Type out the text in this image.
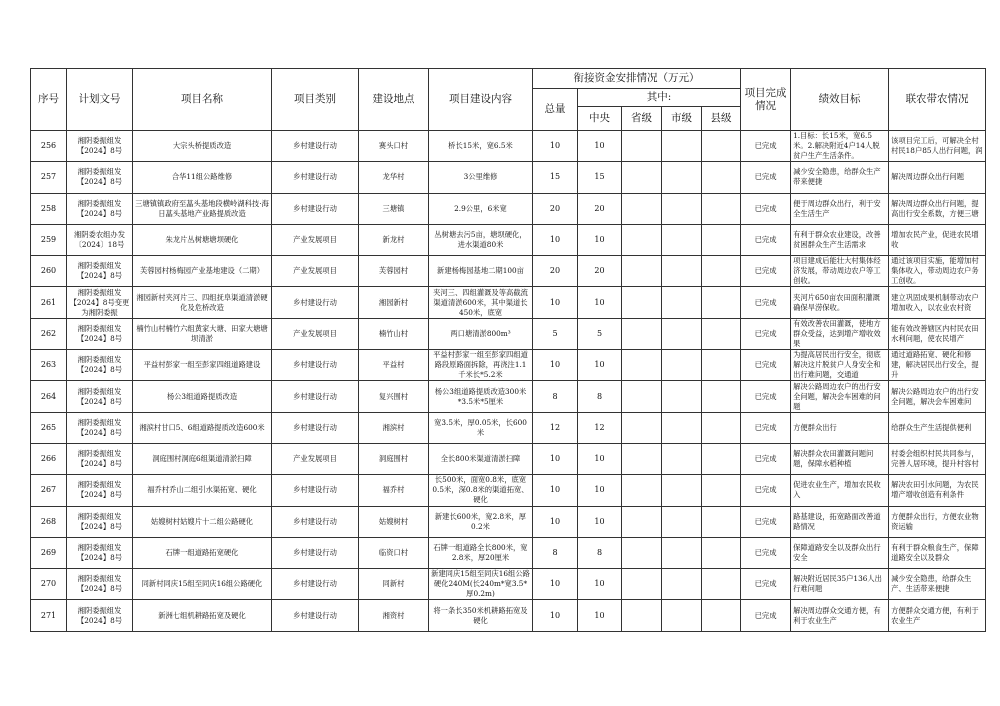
序号	计划文号	项目名称	项目类别	建设地点	项目建设内容	衔接资金安排情况（万元）					项目完成情况	绩效目标	联农带农情况
						总量	其中:						
							中央	省级	市级	县级			

256	湘阴委振组发【2024】8号	大宗头桥提质改造	乡村建设行动	赛头口村	桥长15米，宽6.5米	10	10				已完成	1.目标：长15米，宽6.5米。2.解决附近4户14人脱贫户生产生活条件。	该项目完工后，可解决全村村民18户85人出行问题，润

257	湘阴委振组发【2024】8号	合华11组公路维修	乡村建设行动	龙华村	3公里维修	15	15				已完成	减少安全隐患，给群众生产带来便捷	解决周边群众出行问题

258	湘阴委振组发【2024】8号	三塘镇镇政府至蕌头基地段横岭湖科技·海日蕌头基地产业路提质改造	乡村建设行动	三塘镇	2.9公里，6米宽	20	20				已完成	便于周边群众出行，利于安全生活生产	解决周边群众出行问题，提高出行安全系数，方便三塘

259	湘阴委农组办发〔2024〕18号	朱龙片丛树塘塘坝硬化	产业发展项目	新龙村	丛树塘去污5亩，塘坝硬化，进水渠道80米	10	10				已完成	有利于群众农业建设，改善贫困群众生产生活需求	增加农民产业，促进农民增收

260	湘阴委振组发【2024】8号	芙蓉园村杨梅园产业基地建设（二期）	产业发展项目	芙蓉园村	新建杨梅园基地二期100亩	20	20				已完成	项目建成后能壮大村集体经济发展，带动周边农户等工创收。	通过该项目实施，能增加村集体收入，带动周边农户务工创收。

261	湘阴委振组发【2024】8号变更为湘阴委振	湘园新村夹河片三、四组抚阜渠道清淤硬化及危桥改造	乡村建设行动	湘园新村	夹河三、四组灌溉及等高截流渠道清淤600米，其中渠道长450米，底宽	10	10				已完成	夹河片650亩农田面积灌溉确保旱涝保收。	建立巩固成果机制带动农户增加收入，以农业农村资

262	湘阴委振组发【2024】8号	楠竹山村楠竹六组黄家大塘、田家大塘塘坝清淤	产业发展项目	楠竹山村	两口塘清淤800m³	5	5				已完成	有效改善农田灌溉，使地方群众受益，达到增产增收效果	能有效改善辖区内村民农田水利问题，使农民增产

263	湘阴委振组发【2024】8号	平益村彭家一组至彭家四组道路建设	乡村建设行动	平益村	平益村彭家一组至彭家四组道路段原路面拆除，再浇注1.1千米长*5.2米	10	10				已完成	为提高居民出行安全，彻底解决这片脱贫户人身安全和出行难问题，交通道	通过道路拓宽、硬化和修建，解决居民出行安全，提升

264	湘阴委振组发【2024】8号	杨公3组道路提质改造	乡村建设行动	复兴围村	杨公3组道路提质改造300米*3.5米*5厘米	8	8				已完成	解决公路周边农户的出行安全问题，解决会车困难的问题	解决公路周边农户的出行安全问题，解决会车困难问

265	湘阴委振组发【2024】8号	湘滨村甘口5、6组道路提质改造600米	乡村建设行动	湘滨村	宽3.5米，厚0.05米，长600米	12	12				已完成	方便群众出行	给群众生产生活提供便利

266	湘阴委振组发【2024】8号	洞庭围村洞庭6组渠道清淤扫障	产业发展项目	洞庭围村	全长800米渠道清淤扫障	10	10				已完成	解决群众农田灌溉问题问题，保障水稻种植	村委会组织村民共同参与，完善人居环境，提升村容村

267	湘阴委振组发【2024】8号	福乔村乔山二组引水渠拓宽、硬化	乡村建设行动	福乔村	长500米，面宽0.8米，底宽0.5米，深0.8米的渠道拓宽、硬化	10	10				已完成	促进农业生产，增加农民收入	解决农田引水问题，为农民增产增收创造有利条件

268	湘阴委振组发【2024】8号	姑嫂树村姑嫂片十二组公路硬化	乡村建设行动	姑嫂树村	新建长600米，宽2.8米，厚0.2米	10	10				已完成	路基建设，拓宽路面改善道路情况	方便群众出行，方便农业物资运输

269	湘阴委振组发【2024】8号	石牌一组道路拓宽硬化	乡村建设行动	临资口村	石牌一组道路全长800米，宽2.8米，厚20厘米	8	8				已完成	保障道路安全以及群众出行安全	有利于群众粮食生产，保障道路安全以及群众

270	湘阴委振组发【2024】8号	同新村同庆15组至同庆16组公路硬化	乡村建设行动	同新村	新建同庆15组至同庆16组公路硬化240M(长240m*宽3.5*厚0.2m)	10	10				已完成	解决附近居民35户136人出行难问题	减少安全隐患，给群众生产、生活带来便捷

271	湘阴委振组发【2024】8号	新洲七组机耕路拓宽及硬化	乡村建设行动	湘资村	将一条长350米机耕路拓宽及硬化	10	10				已完成	解决周边群众交通方便，有利于农业生产	方便群众交通方便，有利于农业生产
